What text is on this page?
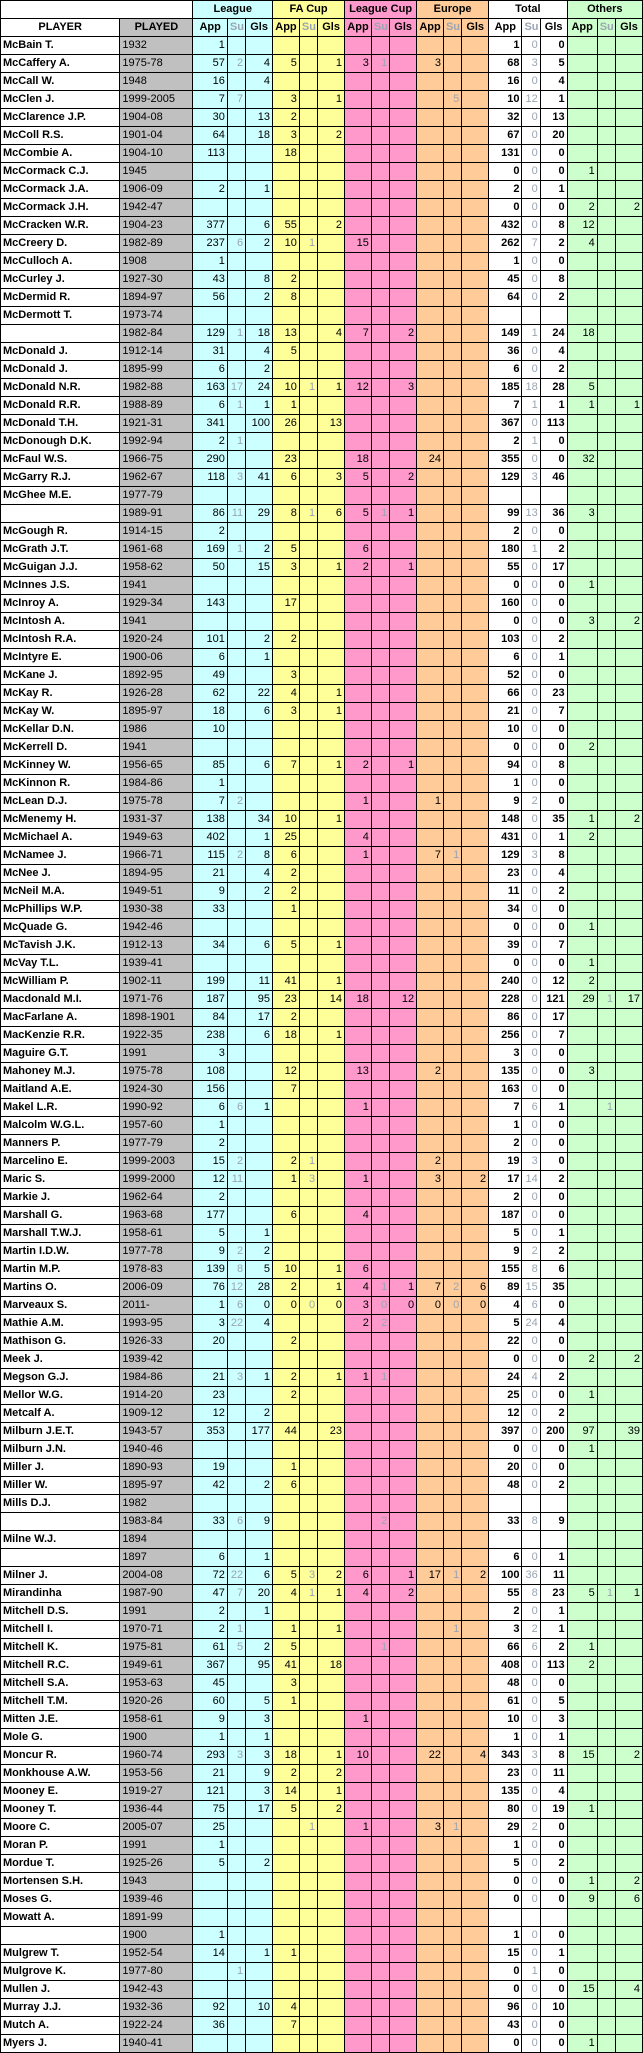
		League			FA Cup			League Cup			Europe			Total			Others		
PLAYER	PLAYED	App	Su	Gls	App	Su	Gls	App	Su	Gls	App	Su	Gls	App	Su	Gls	App	Su	Gls
McBain T.	1932	1												1	0	0			
McCaffery A.	1975-78	57	2	4	5		1	3	1		3			68	3	5			
McCall W.	1948	16		4										16	0	4			
McClen J.	1999-2005	7	7		3		1					5		10	12	1			
McClarence J.P.	1904-08	30		13	2									32	0	13			
McColl R.S.	1901-04	64		18	3		2							67	0	20			
McCombie A.	1904-10	113			18									131	0	0			
McCormack C.J.	1945													0	0	0	1		
McCormack J.A.	1906-09	2		1										2	0	1			
McCormack J.H.	1942-47													0	0	0	2		2
McCracken W.R.	1904-23	377		6	55		2							432	0	8	12		
McCreery D.	1982-89	237	6	2	10	1		15						262	7	2	4		
McCulloch A.	1908	1												1	0	0			
McCurley J.	1927-30	43		8	2									45	0	8			
McDermid R.	1894-97	56		2	8									64	0	2			
McDermott T.	1973-74																		
	1982-84	129	1	18	13		4	7		2				149	1	24	18		
McDonald J.	1912-14	31		4	5									36	0	4			
McDonald J.	1895-99	6		2										6	0	2			
McDonald N.R.	1982-88	163	17	24	10	1	1	12		3				185	18	28	5		
McDonald R.R.	1988-89	6	1	1	1									7	1	1	1		1
McDonald T.H.	1921-31	341		100	26		13							367	0	113			
McDonough D.K.	1992-94	2	1											2	1	0			
McFaul W.S.	1966-75	290			23			18			24			355	0	0	32		
McGarry R.J.	1962-67	118	3	41	6		3	5		2				129	3	46			
McGhee M.E.	1977-79																		
	1989-91	86	11	29	8	1	6	5	1	1				99	13	36	3		
McGough R.	1914-15	2												2	0	0			
McGrath J.T.	1961-68	169	1	2	5			6						180	1	2			
McGuigan J.J.	1958-62	50		15	3		1	2		1				55	0	17			
McInnes J.S.	1941													0	0	0	1		
McInroy A.	1929-34	143			17									160	0	0			
McIntosh A.	1941													0	0	0	3		2
McIntosh R.A.	1920-24	101		2	2									103	0	2			
McIntyre E.	1900-06	6		1										6	0	1			
McKane J.	1892-95	49			3									52	0	0			
McKay R.	1926-28	62		22	4		1							66	0	23			
McKay W.	1895-97	18		6	3		1							21	0	7			
McKellar D.N.	1986	10												10	0	0			
McKerrell D.	1941													0	0	0	2		
McKinney W.	1956-65	85		6	7		1	2		1				94	0	8			
McKinnon R.	1984-86	1												1	0	0			
McLean D.J.	1975-78	7	2					1			1			9	2	0			
McMenemy H.	1931-37	138		34	10		1							148	0	35	1		2
McMichael A.	1949-63	402		1	25			4						431	0	1	2		
McNamee J.	1966-71	115	2	8	6			1			7	1		129	3	8			
McNee J.	1894-95	21		4	2									23	0	4			
McNeil M.A.	1949-51	9		2	2									11	0	2			
McPhillips W.P.	1930-38	33			1									34	0	0			
McQuade G.	1942-46													0	0	0	1		
McTavish J.K.	1912-13	34		6	5		1							39	0	7			
McVay T.L.	1939-41													0	0	0	1		
McWilliam P.	1902-11	199		11	41		1							240	0	12	2		
Macdonald M.I.	1971-76	187		95	23		14	18		12				228	0	121	29	1	17
MacFarlane A.	1898-1901	84		17	2									86	0	17			
MacKenzie R.R.	1922-35	238		6	18		1							256	0	7			
Maguire G.T.	1991	3												3	0	0			
Mahoney M.J.	1975-78	108			12			13			2			135	0	0	3		
Maitland A.E.	1924-30	156			7									163	0	0			
Makel L.R.	1990-92	6	6	1				1						7	6	1		1	
Malcolm W.G.L.	1957-60	1												1	0	0			
Manners P.	1977-79	2												2	0	0			
Marcelino E.	1999-2003	15	2		2	1					2			19	3	0			
Maric S.	1999-2000	12	11		1	3		1			3		2	17	14	2			
Markie J.	1962-64	2												2	0	0			
Marshall G.	1963-68	177			6			4						187	0	0			
Marshall T.W.J.	1958-61	5		1										5	0	1			
Martin I.D.W.	1977-78	9	2	2										9	2	2			
Martin M.P.	1978-83	139	8	5	10		1	6						155	8	6			
Martins O.	2006-09	76	12	28	2		1	4	1	1	7	2	6	89	15	35			
Marveaux S.	2011-	1	6	0	0	0	0	3	0	0	0	0	0	4	6	0			
Mathie A.M.	1993-95	3	22	4				2	2					5	24	4			
Mathison G.	1926-33	20			2									22	0	0			
Meek J.	1939-42													0	0	0	2		2
Megson G.J.	1984-86	21	3	1	2		1	1	1					24	4	2			
Mellor W.G.	1914-20	23			2									25	0	0	1		
Metcalf A.	1909-12	12		2										12	0	2			
Milburn J.E.T.	1943-57	353		177	44		23							397	0	200	97		39
Milburn J.N.	1940-46													0	0	0	1		
Miller J.	1890-93	19			1									20	0	0			
Miller W.	1895-97	42		2	6									48	0	2			
Mills D.J.	1982																		
	1983-84	33	6	9					2					33	8	9			
Milne W.J.	1894																		
	1897	6		1										6	0	1			
Milner J.	2004-08	72	22	6	5	3	2	6		1	17	1	2	100	36	11			
Mirandinha	1987-90	47	7	20	4	1	1	4		2				55	8	23	5	1	1
Mitchell D.S.	1991	2		1										2	0	1			
Mitchell I.	1970-71	2	1		1		1					1		3	2	1			
Mitchell K.	1975-81	61	5	2	5				1					66	6	2	1		
Mitchell R.C.	1949-61	367		95	41		18							408	0	113	2		
Mitchell S.A.	1953-63	45			3									48	0	0			
Mitchell T.M.	1920-26	60		5	1									61	0	5			
Mitten J.E.	1958-61	9		3				1						10	0	3			
Mole G.	1900	1		1										1	0	1			
Moncur R.	1960-74	293	3	3	18		1	10			22		4	343	3	8	15		2
Monkhouse A.W.	1953-56	21		9	2		2							23	0	11			
Mooney E.	1919-27	121		3	14		1							135	0	4			
Mooney T.	1936-44	75		17	5		2							80	0	19	1		
Moore C.	2005-07	25				1		1			3	1		29	2	0			
Moran P.	1991	1												1	0	0			
Mordue T.	1925-26	5		2										5	0	2			
Mortensen S.H.	1943													0	0	0	1		2
Moses G.	1939-46													0	0	0	9		6
Mowatt A.	1891-99																		
	1900	1												1	0	0			
Mulgrew T.	1952-54	14		1	1									15	0	1			
Mulgrove K.	1977-80		1											0	1	0			
Mullen J.	1942-43													0	0	0	15		4
Murray J.J.	1932-36	92		10	4									96	0	10			
Mutch A.	1922-24	36			7									43	0	0			
Myers J.	1940-41													0	0	0	1		
